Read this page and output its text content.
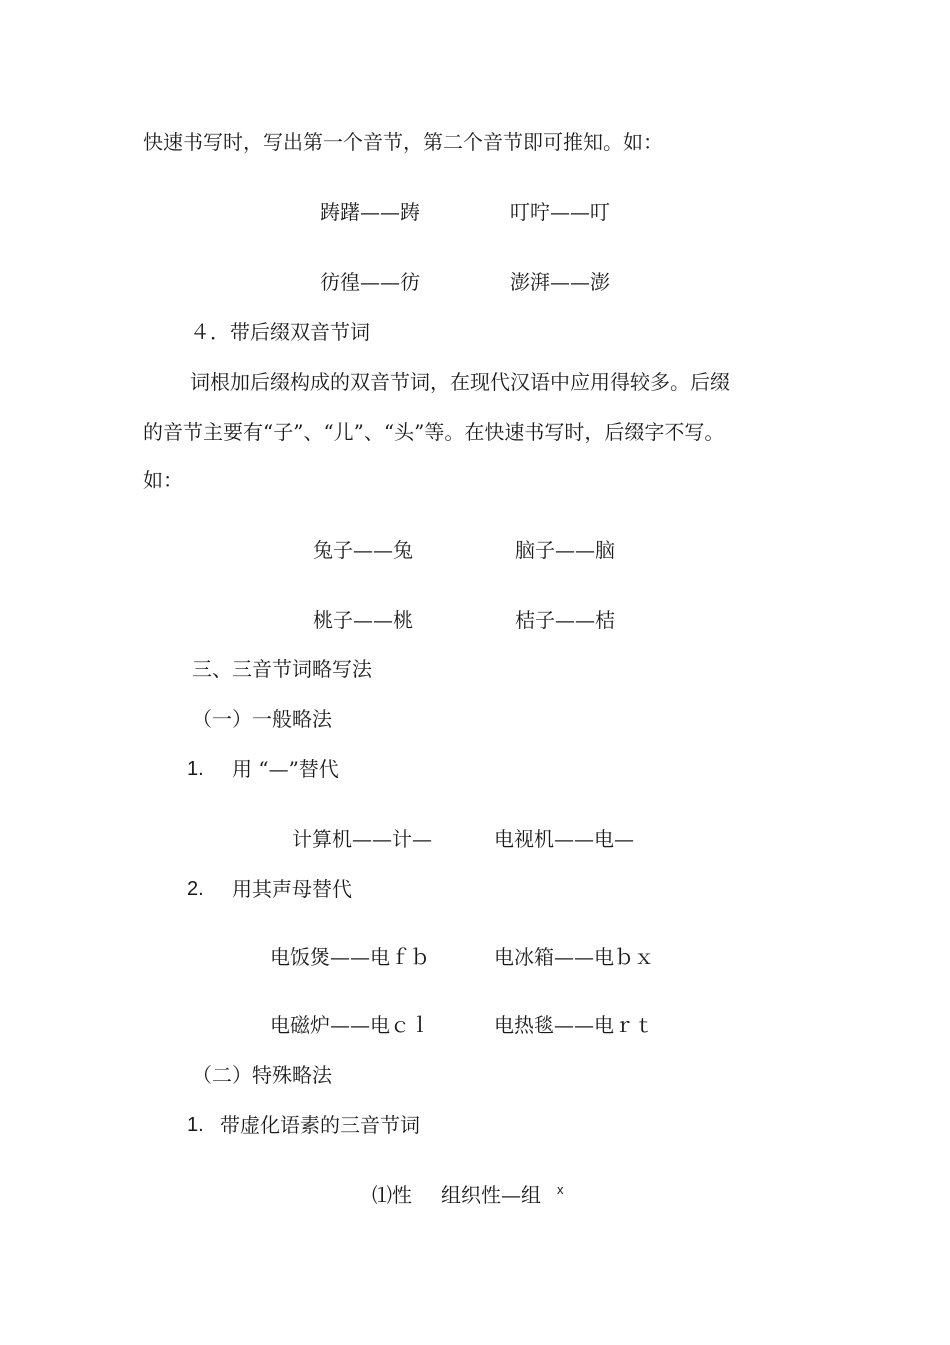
快速书写时，写出第一个音节，第二个音节即可推知。如：
踌躇——踌	叮咛——叮
彷徨——彷	澎湃——澎
４．带后缀双音节词
词根加后缀构成的双音节词，在现代汉语中应用得较多。后缀
的音节主要有“子”、“儿”、“头”等。在快速书写时，后缀字不写。
如：
兔子——兔	脑子——脑
桃子——桃	桔子——桔
三、三音节词略写法
（一）一般略法
1. 用 “—”替代
计算机——计—	电视机——电—
2. 用其声母替代
电饭煲——电ｆｂ	电冰箱——电ｂｘ
电磁炉——电ｃｌ	电热毯——电ｒｔ
（二）特殊略法
1. 带虚化语素的三音节词
⑴性 组织性—组 x
